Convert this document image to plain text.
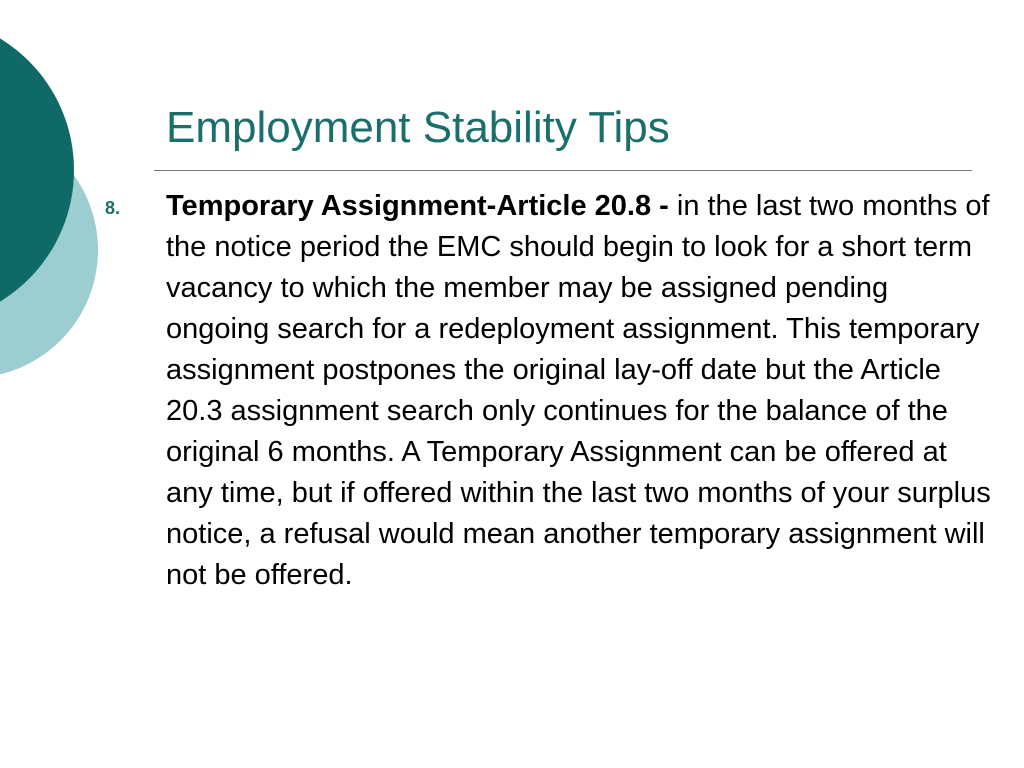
Employment Stability Tips
8. Temporary Assignment-Article 20.8 - in the last two months of the notice period the EMC should begin to look for a short term vacancy to which the member may be assigned pending ongoing search for a redeployment assignment. This temporary assignment postpones the original lay-off date but the Article 20.3 assignment search only continues for the balance of the original 6 months. A Temporary Assignment can be offered at any time, but if offered within the last two months of your surplus notice, a refusal would mean another temporary assignment will not be offered.
